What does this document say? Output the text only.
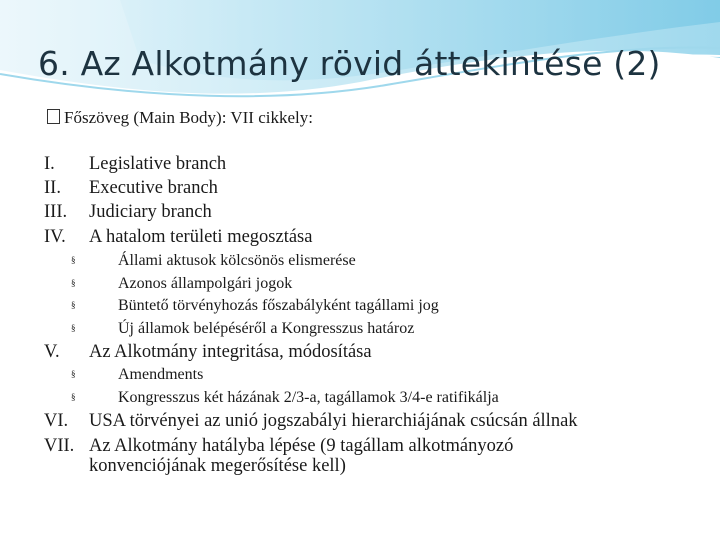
6. Az Alkotmány rövid áttekintése (2)
Főszöveg (Main Body): VII cikkely:
I. Legislative branch
II. Executive branch
III. Judiciary branch
IV. A hatalom területi megosztása
§	Állami aktusok kölcsönös elismerése
§	Azonos állampolgári jogok
§	Büntető törvényhozás főszabályként tagállami jog
§	Új államok belépéséről a Kongresszus határoz
V. Az Alkotmány integritása, módosítása
§	Amendments
§	Kongresszus két házának 2/3-a, tagállamok 3/4-e ratifikálja
VI. USA törvényei az unió jogszabályi hierarchiájának csúcsán állnak
VII. Az Alkotmány hatályba lépése (9 tagállam alkotmányozó
konvenciójának megerősítése kell)
